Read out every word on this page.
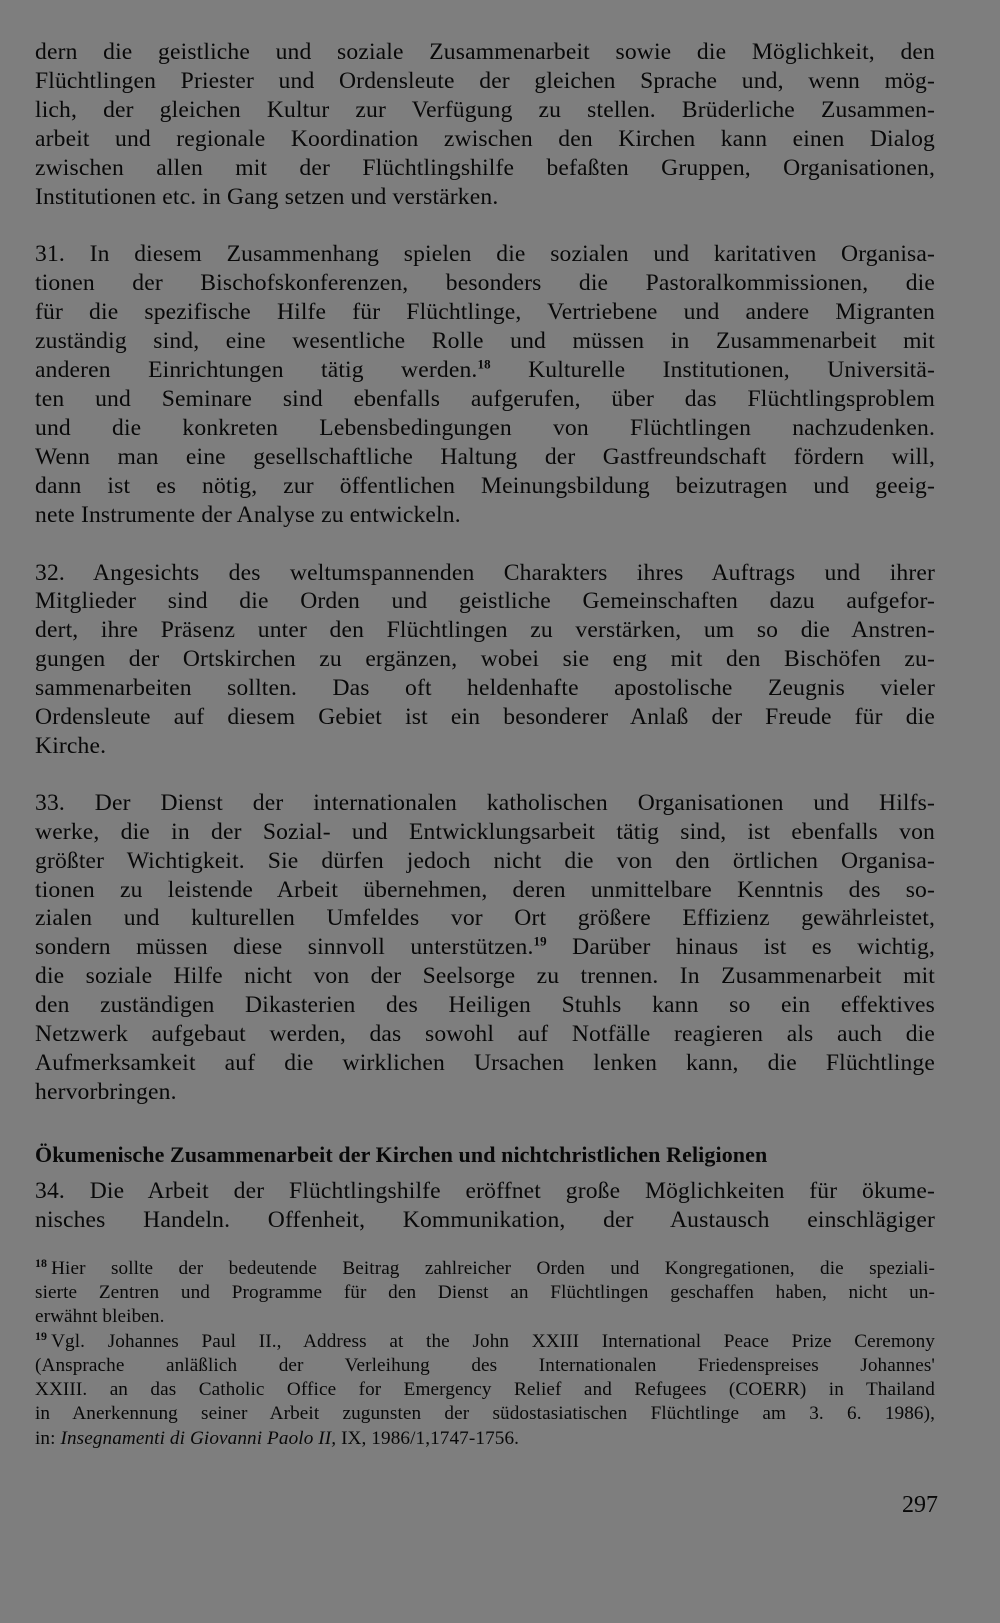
dern die geistliche und soziale Zusammenarbeit sowie die Möglichkeit, den
Flüchtlingen Priester und Ordensleute der gleichen Sprache und, wenn mög-
lich, der gleichen Kultur zur Verfügung zu stellen. Brüderliche Zusammen-
arbeit und regionale Koordination zwischen den Kirchen kann einen Dialog
zwischen allen mit der Flüchtlingshilfe befaßten Gruppen, Organisationen,
Institutionen etc. in Gang setzen und verstärken.
31. In diesem Zusammenhang spielen die sozialen und karitativen Organisa-
tionen der Bischofskonferenzen, besonders die Pastoralkommissionen, die
für die spezifische Hilfe für Flüchtlinge, Vertriebene und andere Migranten
zuständig sind, eine wesentliche Rolle und müssen in Zusammenarbeit mit
anderen Einrichtungen tätig werden.$^{18}$ Kulturelle Institutionen, Universitä-
ten und Seminare sind ebenfalls aufgerufen, über das Flüchtlingsproblem
und die konkreten Lebensbedingungen von Flüchtlingen nachzudenken.
Wenn man eine gesellschaftliche Haltung der Gastfreundschaft fördern will,
dann ist es nötig, zur öffentlichen Meinungsbildung beizutragen und geeig-
nete Instrumente der Analyse zu entwickeln.
32. Angesichts des weltumspannenden Charakters ihres Auftrags und ihrer
Mitglieder sind die Orden und geistliche Gemeinschaften dazu aufgefor-
dert, ihre Präsenz unter den Flüchtlingen zu verstärken, um so die Anstren-
gungen der Ortskirchen zu ergänzen, wobei sie eng mit den Bischöfen zu-
sammenarbeiten sollten. Das oft heldenhafte apostolische Zeugnis vieler
Ordensleute auf diesem Gebiet ist ein besonderer Anlaß der Freude für die
Kirche.
33. Der Dienst der internationalen katholischen Organisationen und Hilfs-
werke, die in der Sozial- und Entwicklungsarbeit tätig sind, ist ebenfalls von
größter Wichtigkeit. Sie dürfen jedoch nicht die von den örtlichen Organisa-
tionen zu leistende Arbeit übernehmen, deren unmittelbare Kenntnis des so-
zialen und kulturellen Umfeldes vor Ort größere Effizienz gewährleistet,
sondern müssen diese sinnvoll unterstützen.$^{19}$ Darüber hinaus ist es wichtig,
die soziale Hilfe nicht von der Seelsorge zu trennen. In Zusammenarbeit mit
den zuständigen Dikasterien des Heiligen Stuhls kann so ein effektives
Netzwerk aufgebaut werden, das sowohl auf Notfälle reagieren als auch die
Aufmerksamkeit auf die wirklichen Ursachen lenken kann, die Flüchtlinge
hervorbringen.
Ökumenische Zusammenarbeit der Kirchen und nichtchristlichen Religionen
34. Die Arbeit der Flüchtlingshilfe eröffnet große Möglichkeiten für ökume-
nisches Handeln. Offenheit, Kommunikation, der Austausch einschlägiger
$^{18}$ Hier sollte der bedeutende Beitrag zahlreicher Orden und Kongregationen, die speziali-
sierte Zentren und Programme für den Dienst an Flüchtlingen geschaffen haben, nicht un-
erwähnt bleiben.
$^{19}$ Vgl. Johannes Paul II., Address at the John XXIII International Peace Prize Ceremony
(Ansprache anläßlich der Verleihung des Internationalen Friedenspreises Johannes'
XXIII. an das Catholic Office for Emergency Relief and Refugees (COERR) in Thailand
in Anerkennung seiner Arbeit zugunsten der südostasiatischen Flüchtlinge am 3. 6. 1986),
in: Insegnamenti di Giovanni Paolo II, IX, 1986/1,1747-1756.
297
